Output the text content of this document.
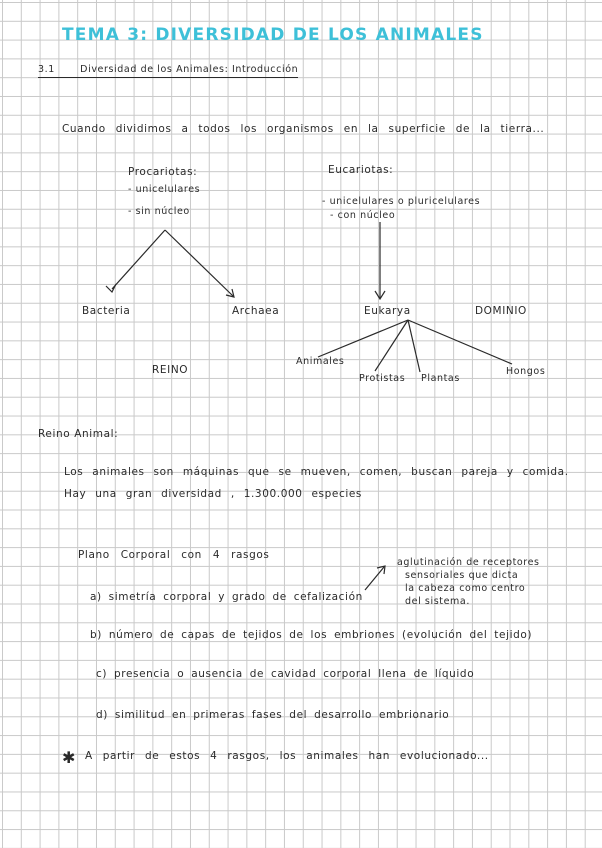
TEMA 3: DIVERSIDAD DE LOS ANIMALES
3.1	Diversidad de los Animales: Introducción
Cuando dividimos a todos los organismos en la superficie de la tierra...
Procariotas:
- unicelulares
- sin núcleo
Eucariotas:
- unicelulares o pluricelulares
- con núcleo
Bacteria	Archaea	Eukarya	DOMINIO
REINO
Animales
Protistas Plantas
Hongos
Reino Animal:
Los animales son máquinas que se mueven, comen, buscan pareja y comida.
Hay una gran diversidad , 1.300.000 especies
Plano Corporal con 4 rasgos
a) simetría corporal y grado de cefalización
aglutinación de receptores
sensoriales que dicta
la cabeza como centro
del sistema.
b) número de capas de tejidos de los embriones (evolución del tejido)
c) presencia o ausencia de cavidad corporal llena de líquido
d) similitud en primeras fases del desarrollo embrionario
✱ A partir de estos 4 rasgos, los animales han evolucionado...
